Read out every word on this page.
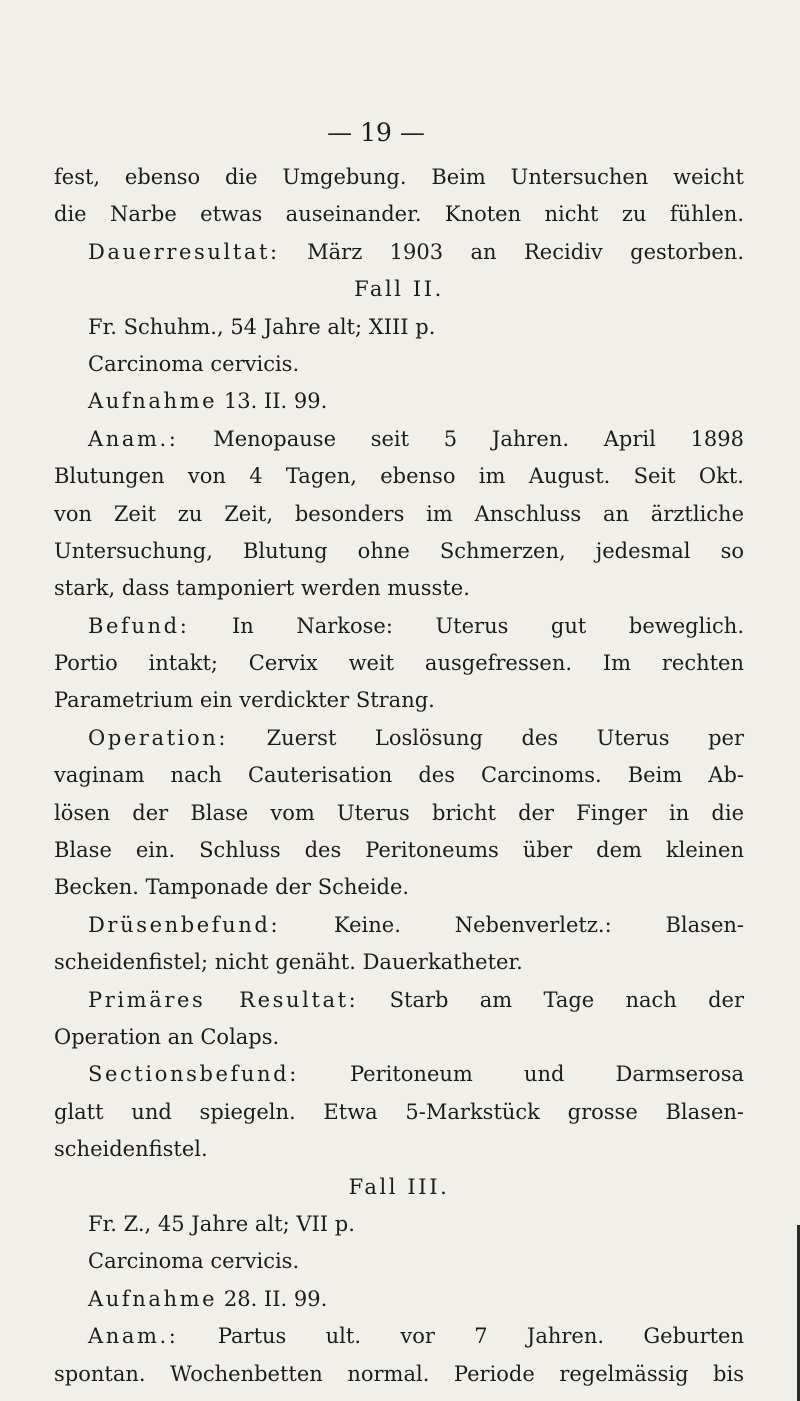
— 19 —
fest, ebenso die Umgebung. Beim Untersuchen weicht
die Narbe etwas auseinander. Knoten nicht zu fühlen.
Dauerresultat: März 1903 an Recidiv gestorben.
Fall II.
Fr. Schuhm., 54 Jahre alt; XIII p.
Carcinoma cervicis.
Aufnahme 13. II. 99.
Anam.: Menopause seit 5 Jahren. April 1898
Blutungen von 4 Tagen, ebenso im August. Seit Okt.
von Zeit zu Zeit, besonders im Anschluss an ärztliche
Untersuchung, Blutung ohne Schmerzen, jedesmal so
stark, dass tamponiert werden musste.
Befund: In Narkose: Uterus gut beweglich.
Portio intakt; Cervix weit ausgefressen. Im rechten
Parametrium ein verdickter Strang.
Operation: Zuerst Loslösung des Uterus per
vaginam nach Cauterisation des Carcinoms. Beim Ab-
lösen der Blase vom Uterus bricht der Finger in die
Blase ein. Schluss des Peritoneums über dem kleinen
Becken. Tamponade der Scheide.
Drüsenbefund: Keine. Nebenverletz.: Blasen-
scheidenfistel; nicht genäht. Dauerkatheter.
Primäres Resultat: Starb am Tage nach der
Operation an Colaps.
Sectionsbefund: Peritoneum und Darmserosa
glatt und spiegeln. Etwa 5-Markstück grosse Blasen-
scheidenfistel.
Fall III.
Fr. Z., 45 Jahre alt; VII p.
Carcinoma cervicis.
Aufnahme 28. II. 99.
Anam.: Partus ult. vor 7 Jahren. Geburten
spontan. Wochenbetten normal. Periode regelmässig bis
